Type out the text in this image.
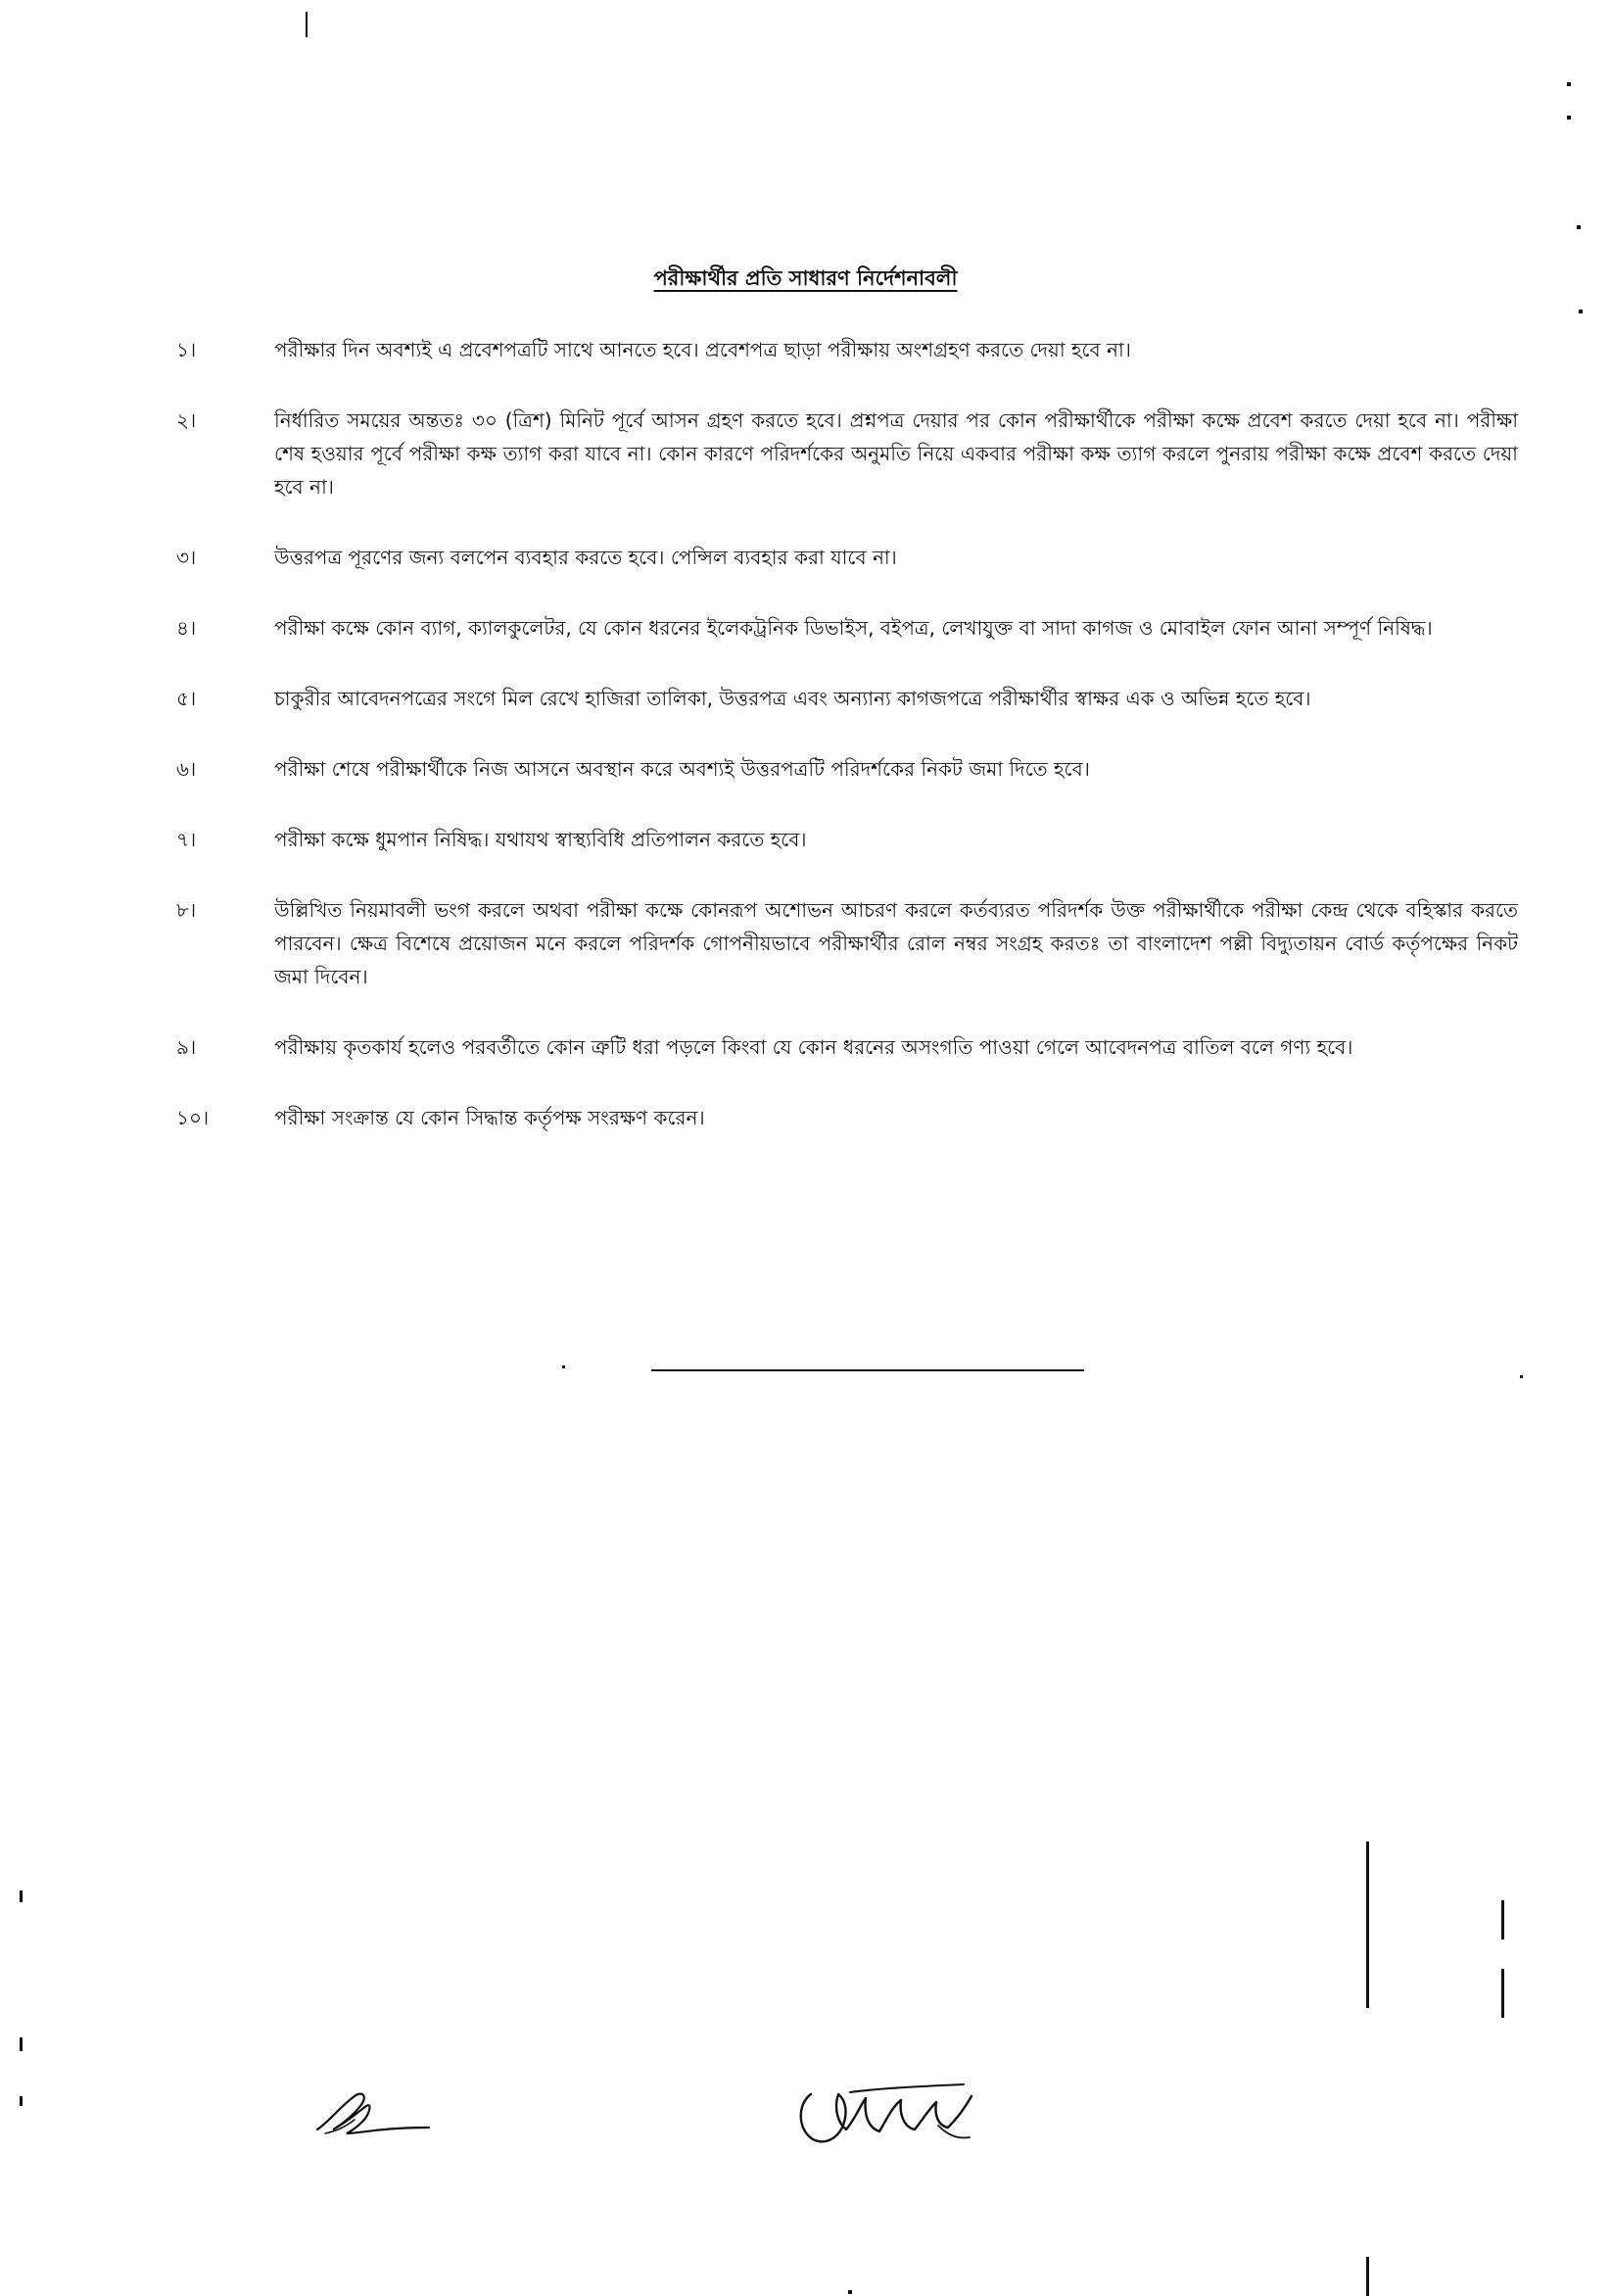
পরীক্ষার্থীর প্রতি সাধারণ নির্দেশনাবলী
১।	পরীক্ষার দিন অবশ্যই এ প্রবেশপত্রটি সাথে আনতে হবে। প্রবেশপত্র ছাড়া পরীক্ষায় অংশগ্রহণ করতে দেয়া হবে না।
২।	নির্ধারিত সময়ের অন্ততঃ ৩০ (ত্রিশ) মিনিট পূর্বে আসন গ্রহণ করতে হবে। প্রশ্নপত্র দেয়ার পর কোন পরীক্ষার্থীকে পরীক্ষা কক্ষে প্রবেশ করতে দেয়া হবে না। পরীক্ষা শেষ হওয়ার পূর্বে পরীক্ষা কক্ষ ত্যাগ করা যাবে না। কোন কারণে পরিদর্শকের অনুমতি নিয়ে একবার পরীক্ষা কক্ষ ত্যাগ করলে পুনরায় পরীক্ষা কক্ষে প্রবেশ করতে দেয়া হবে না।
৩।	উত্তরপত্র পূরণের জন্য বলপেন ব্যবহার করতে হবে। পেন্সিল ব্যবহার করা যাবে না।
৪।	পরীক্ষা কক্ষে কোন ব্যাগ, ক্যালকুলেটর, যে কোন ধরনের ইলেকট্রনিক ডিভাইস, বইপত্র, লেখাযুক্ত বা সাদা কাগজ ও মোবাইল ফোন আনা সম্পূর্ণ নিষিদ্ধ।
৫।	চাকুরীর আবেদনপত্রের সংগে মিল রেখে হাজিরা তালিকা, উত্তরপত্র এবং অন্যান্য কাগজপত্রে পরীক্ষার্থীর স্বাক্ষর এক ও অভিন্ন হতে হবে।
৬।	পরীক্ষা শেষে পরীক্ষার্থীকে নিজ আসনে অবস্থান করে অবশ্যই উত্তরপত্রটি পরিদর্শকের নিকট জমা দিতে হবে।
৭।	পরীক্ষা কক্ষে ধুমপান নিষিদ্ধ। যথাযথ স্বাস্থ্যবিধি প্রতিপালন করতে হবে।
৮।	উল্লিখিত নিয়মাবলী ভংগ করলে অথবা পরীক্ষা কক্ষে কোনরূপ অশোভন আচরণ করলে কর্তব্যরত পরিদর্শক উক্ত পরীক্ষার্থীকে পরীক্ষা কেন্দ্র থেকে বহিস্কার করতে পারবেন। ক্ষেত্র বিশেষে প্রয়োজন মনে করলে পরিদর্শক গোপনীয়ভাবে পরীক্ষার্থীর রোল নম্বর সংগ্রহ করতঃ তা বাংলাদেশ পল্লী বিদ্যুতায়ন বোর্ড কর্তৃপক্ষের নিকট জমা দিবেন।
৯।	পরীক্ষায় কৃতকার্য হলেও পরবর্তীতে কোন ত্রুটি ধরা পড়লে কিংবা যে কোন ধরনের অসংগতি পাওয়া গেলে আবেদনপত্র বাতিল বলে গণ্য হবে।
১০।	পরীক্ষা সংক্রান্ত যে কোন সিদ্ধান্ত কর্তৃপক্ষ সংরক্ষণ করেন।
